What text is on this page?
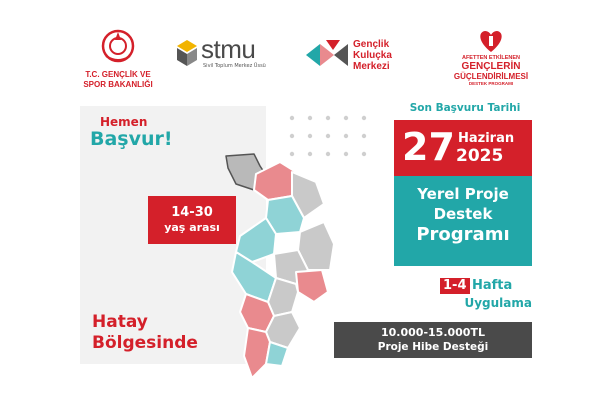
T.C. GENÇLİK VE
SPOR BAKANLIĞI
stmu
Sivil Toplum Merkez Üssü
Gençlik
Kuluçka
Merkezi
AFETTEN ETKİLENEN
GENÇLERİN
GÜÇLENDİRİLMESİ
DESTEK PROGRAMI
Hemen
Başvur!
14-30
yaş arası
Hatay
Bölgesinde
Son Başvuru Tarihi
27 Haziran
2025
Yerel Proje
Destek
Programı
1-4 Hafta
Uygulama
10.000-15.000TL
Proje Hibe Desteği
